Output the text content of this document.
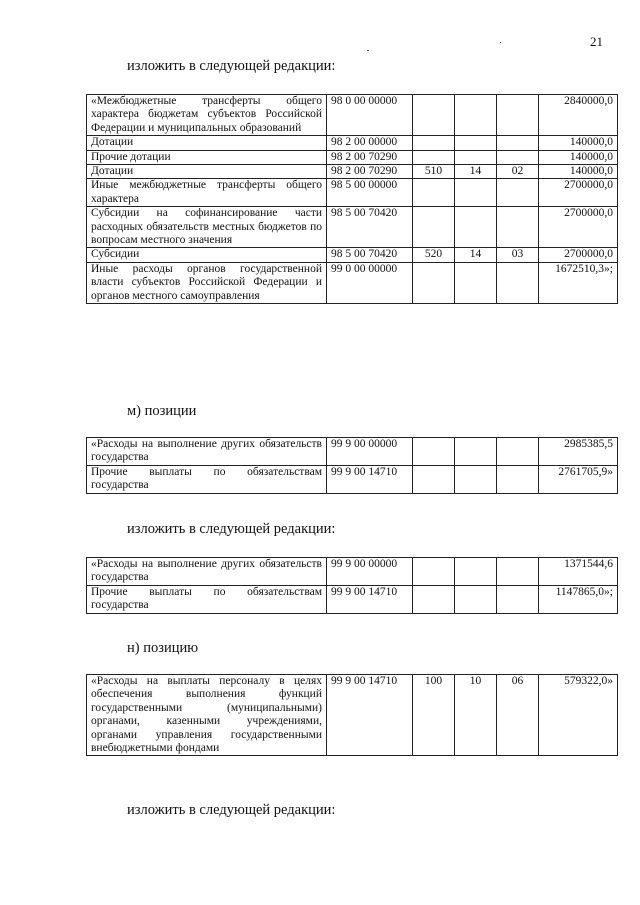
21
изложить в следующей редакции:
«Межбюджетные трансферты общего характера бюджетам субъектов Российской Федерации и муниципальных образований	98 0 00 00000				2840000,0
Дотации	98 2 00 00000				140000,0
Прочие дотации	98 2 00 70290				140000,0
Дотации	98 2 00 70290	510	14	02	140000,0
Иные межбюджетные трансферты общего характера	98 5 00 00000				2700000,0
Субсидии на софинансирование части расходных обязательств местных бюджетов по вопросам местного значения	98 5 00 70420				2700000,0
Субсидии	98 5 00 70420	520	14	03	2700000,0
Иные расходы органов государственной власти субъектов Российской Федерации и органов местного самоуправления	99 0 00 00000				1672510,3»;
м) позиции
«Расходы на выполнение других обязательств государства	99 9 00 00000				2985385,5
Прочие выплаты по обязательствам государства	99 9 00 14710				2761705,9»
изложить в следующей редакции:
«Расходы на выполнение других обязательств государства	99 9 00 00000				1371544,6
Прочие выплаты по обязательствам государства	99 9 00 14710				1147865,0»;
н) позицию
«Расходы на выплаты персоналу в целях обеспечения выполнения функций государственными (муниципальными) органами, казенными учреждениями, органами управления государственными внебюджетными фондами	99 9 00 14710	100	10	06	579322,0»
изложить в следующей редакции:
